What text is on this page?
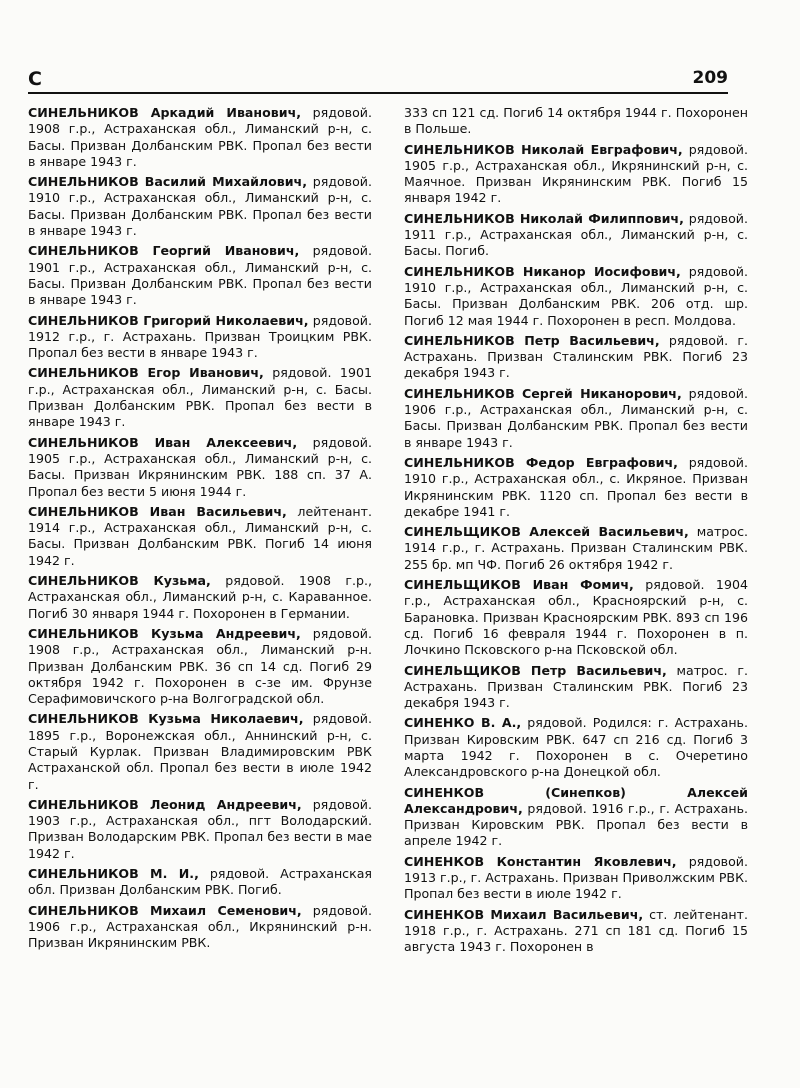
С	209

СИНЕЛЬНИКОВ Аркадий Иванович, рядовой. 1908 г.р., Астраханская обл., Лиманский р-н, с. Басы. Призван Долбанским РВК. Пропал без вести в январе 1943 г.

СИНЕЛЬНИКОВ Василий Михайлович, рядовой. 1910 г.р., Астраханская обл., Лиманский р-н, с. Басы. Призван Долбанским РВК. Пропал без вести в январе 1943 г.

СИНЕЛЬНИКОВ Георгий Иванович, рядовой. 1901 г.р., Астраханская обл., Лиманский р-н, с. Басы. Призван Долбанским РВК. Пропал без вести в январе 1943 г.

СИНЕЛЬНИКОВ Григорий Николаевич, рядовой. 1912 г.р., г. Астрахань. Призван Троицким РВК. Пропал без вести в январе 1943 г.

СИНЕЛЬНИКОВ Егор Иванович, рядовой. 1901 г.р., Астраханская обл., Лиманский р-н, с. Басы. Призван Долбанским РВК. Пропал без вести в январе 1943 г.

СИНЕЛЬНИКОВ Иван Алексеевич, рядовой. 1905 г.р., Астраханская обл., Лиманский р-н, с. Басы. Призван Икрянинским РВК. 188 сп. 37 А. Пропал без вести 5 июня 1944 г.

СИНЕЛЬНИКОВ Иван Васильевич, лейтенант. 1914 г.р., Астраханская обл., Лиманский р-н, с. Басы. Призван Долбанским РВК. Погиб 14 июня 1942 г.

СИНЕЛЬНИКОВ Кузьма, рядовой. 1908 г.р., Астраханская обл., Лиманский р-н, с. Караванное. Погиб 30 января 1944 г. Похоронен в Германии.

СИНЕЛЬНИКОВ Кузьма Андреевич, рядовой. 1908 г.р., Астраханская обл., Лиманский р-н. Призван Долбанским РВК. 36 сп 14 сд. Погиб 29 октября 1942 г. Похоронен в с-зе им. Фрунзе Серафимовичского р-на Волгоградской обл.

СИНЕЛЬНИКОВ Кузьма Николаевич, рядовой. 1895 г.р., Воронежская обл., Аннинский р-н, с. Старый Курлак. Призван Владимировским РВК Астраханской обл. Пропал без вести в июле 1942 г.

СИНЕЛЬНИКОВ Леонид Андреевич, рядовой. 1903 г.р., Астраханская обл., пгт Володарский. Призван Володарским РВК. Пропал без вести в мае 1942 г.

СИНЕЛЬНИКОВ М. И., рядовой. Астраханская обл. Призван Долбанским РВК. Погиб.

СИНЕЛЬНИКОВ Михаил Семенович, рядовой. 1906 г.р., Астраханская обл., Икрянинский р-н. Призван Икрянинским РВК.

333 сп 121 сд. Погиб 14 октября 1944 г. Похоронен в Польше.

СИНЕЛЬНИКОВ Николай Евграфович, рядовой. 1905 г.р., Астраханская обл., Икрянинский р-н, с. Маячное. Призван Икрянинским РВК. Погиб 15 января 1942 г.

СИНЕЛЬНИКОВ Николай Филиппович, рядовой. 1911 г.р., Астраханская обл., Лиманский р-н, с. Басы. Погиб.

СИНЕЛЬНИКОВ Никанор Иосифович, рядовой. 1910 г.р., Астраханская обл., Лиманский р-н, с. Басы. Призван Долбанским РВК. 206 отд. шр. Погиб 12 мая 1944 г. Похоронен в респ. Молдова.

СИНЕЛЬНИКОВ Петр Васильевич, рядовой. г. Астрахань. Призван Сталинским РВК. Погиб 23 декабря 1943 г.

СИНЕЛЬНИКОВ Сергей Никанорович, рядовой. 1906 г.р., Астраханская обл., Лиманский р-н, с. Басы. Призван Долбанским РВК. Пропал без вести в январе 1943 г.

СИНЕЛЬНИКОВ Федор Евграфович, рядовой. 1910 г.р., Астраханская обл., с. Икряное. Призван Икрянинским РВК. 1120 сп. Пропал без вести в декабре 1941 г.

СИНЕЛЬЩИКОВ Алексей Васильевич, матрос. 1914 г.р., г. Астрахань. Призван Сталинским РВК. 255 бр. мп ЧФ. Погиб 26 октября 1942 г.

СИНЕЛЬЩИКОВ Иван Фомич, рядовой. 1904 г.р., Астраханская обл., Красноярский р-н, с. Барановка. Призван Красноярским РВК. 893 сп 196 сд. Погиб 16 февраля 1944 г. Похоронен в п. Лочкино Псковского р-на Псковской обл.

СИНЕЛЬЩИКОВ Петр Васильевич, матрос. г. Астрахань. Призван Сталинским РВК. Погиб 23 декабря 1943 г.

СИНЕНКО В. А., рядовой. Родился: г. Астрахань. Призван Кировским РВК. 647 сп 216 сд. Погиб 3 марта 1942 г. Похоронен в с. Очеретино Александровского р-на Донецкой обл.

СИНЕНКОВ (Синепков) Алексей Александрович, рядовой. 1916 г.р., г. Астрахань. Призван Кировским РВК. Пропал без вести в апреле 1942 г.

СИНЕНКОВ Константин Яковлевич, рядовой. 1913 г.р., г. Астрахань. Призван Приволжским РВК. Пропал без вести в июле 1942 г.

СИНЕНКОВ Михаил Васильевич, ст. лейтенант. 1918 г.р., г. Астрахань. 271 сп 181 сд. Погиб 15 августа 1943 г. Похоронен в
